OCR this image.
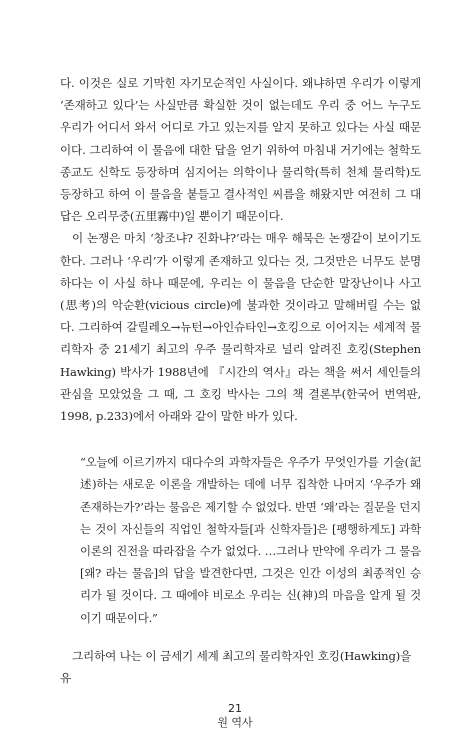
다. 이것은 실로 기막힌 자기모순적인 사실이다. 왜냐하면 우리가 이렇게 ‘존재하고 있다’는 사실만큼 확실한 것이 없는데도 우리 중 어느 누구도 우리가 어디서 와서 어디로 가고 있는지를 알지 못하고 있다는 사실 때문이다. 그리하여 이 물음에 대한 답을 얻기 위하여 마침내 거기에는 철학도 종교도 신학도 등장하며 심지어는 의학이나 물리학(특히 천체 물리학)도 등장하고 하여 이 물음을 붙들고 결사적인 씨름을 해왔지만 여전히 그 대답은 오리무중(五里霧中)일 뿐이기 때문이다.

이 논쟁은 마치 ‘창조냐? 진화냐?’라는 매우 해묵은 논쟁같이 보이기도 한다. 그러나 ‘우리’가 이렇게 존재하고 있다는 것, 그것만은 너무도 분명하다는 이 사실 하나 때문에, 우리는 이 물음을 단순한 말장난이나 사고(思考)의 악순환(vicious circle)에 불과한 것이라고 말해버릴 수는 없다. 그리하여 갈릴레오→뉴턴→아인슈타인→호킹으로 이어지는 세계적 물리학자 중 21세기 최고의 우주 물리학자로 널리 알려진 호킹(Stephen Hawking) 박사가 1988년에 『시간의 역사』라는 책을 써서 세인들의 관심을 모았었을 그 때, 그 호킹 박사는 그의 책 결론부(한국어 번역판, 1998, p.233)에서 아래와 같이 말한 바가 있다.

“오늘에 이르기까지 대다수의 과학자들은 우주가 무엇인가를 기술(記述)하는 새로운 이론을 개발하는 데에 너무 집착한 나머지 ‘우주가 왜 존재하는가?’라는 물음은 제기할 수 없었다. 반면 ‘왜’라는 질문을 던지는 것이 자신들의 직업인 철학자들[과 신학자들]은 [팽행하게도] 과학이론의 진전을 따라잡을 수가 없었다. …그러나 만약에 우리가 그 물음[왜? 라는 물음]의 답을 발견한다면, 그것은 인간 이성의 최종적인 승리가 될 것이다. 그 때에야 비로소 우리는 신(神)의 마음을 알게 될 것이기 때문이다.”

그리하여 나는 이 금세기 세계 최고의 물리학자인 호킹(Hawking)을 유

21
원 역사
